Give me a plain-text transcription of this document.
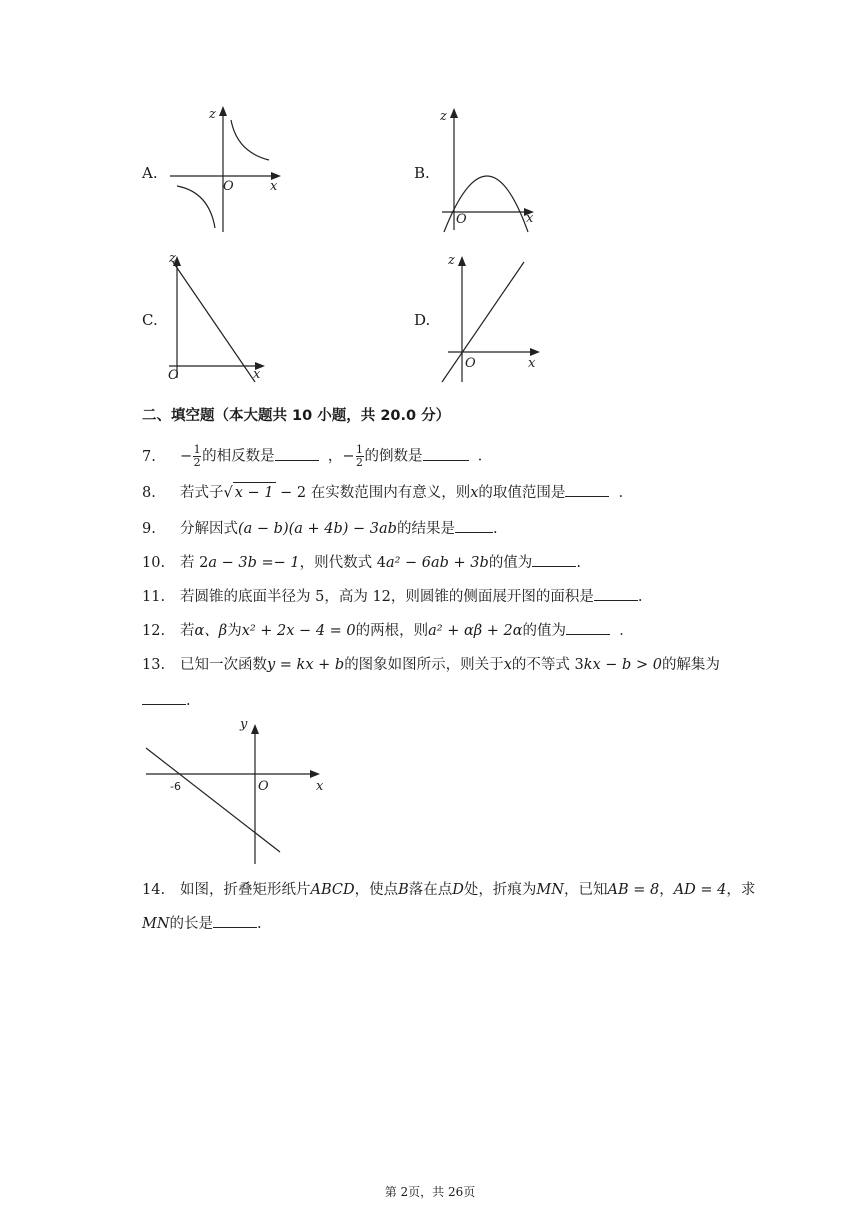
A.
z
x
O
B.
z
x
O
C.
z
x
O
D.
z
x
O
二、填空题（本大题共 10 小题，共 20.0 分）
7. − $\frac{1}{2}$ 的相反数是	，− $\frac{1}{2}$ 的倒数是	．
8. 若式子√ x − 1 − 2 在实数范围内有意义，则x的取值范围是	．
9. 分解因式(a − b)(a + 4b) − 3ab的结果是	.
10. 若 2a − 3b =− 1，则代数式 4a² − 6ab + 3b的值为	.
11. 若圆锥的底面半径为 5，高为 12，则圆锥的侧面展开图的面积是	.
12. 若α、β为x² + 2x − 4 = 0的两根，则a² + αβ + 2α的值为	．
13. 已知一次函数y = kx + b的图象如图所示，则关于x的不等式 3kx − b > 0的解集为
.
y
x
O
-6
14. 如图，折叠矩形纸片ABCD，使点B落在点D处，折痕为MN，已知AB = 8，AD = 4，求
MN的长是	.
第 2页，共 26页
